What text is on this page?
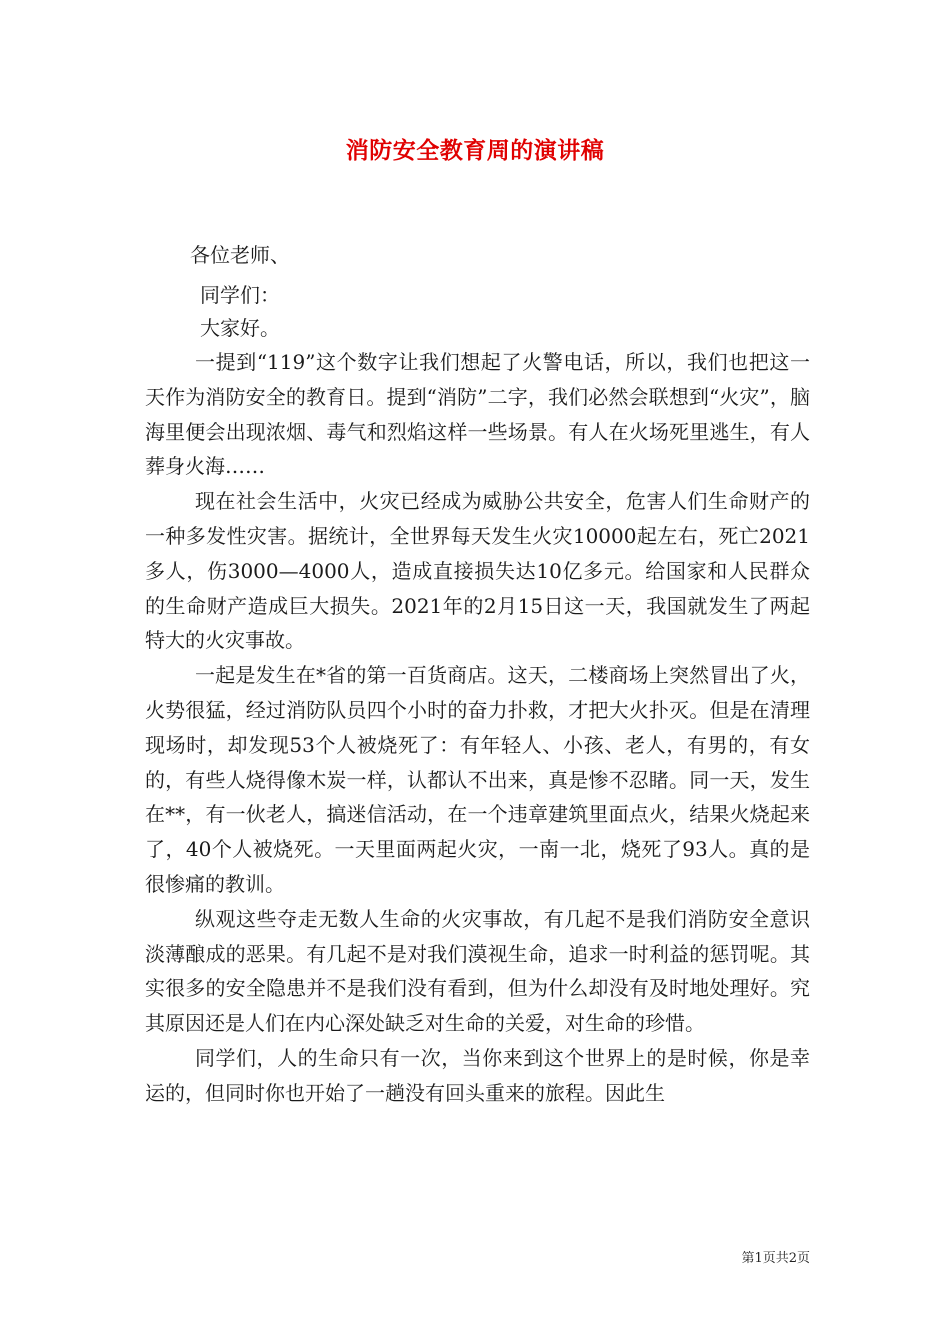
消防安全教育周的演讲稿
各位老师、
同学们：
大家好。

一提到“119”这个数字让我们想起了火警电话，所以，我们也把这一天作为消防安全的教育日。提到“消防”二字，我们必然会联想到“火灾”，脑海里便会出现浓烟、毒气和烈焰这样一些场景。有人在火场死里逃生，有人葬身火海……

现在社会生活中，火灾已经成为威胁公共安全，危害人们生命财产的一种多发性灾害。据统计，全世界每天发生火灾10000起左右，死亡2021多人，伤3000—4000人，造成直接损失达10亿多元。给国家和人民群众的生命财产造成巨大损失。2021年的2月15日这一天，我国就发生了两起特大的火灾事故。

一起是发生在*省的第一百货商店。这天，二楼商场上突然冒出了火，火势很猛，经过消防队员四个小时的奋力扑救，才把大火扑灭。但是在清理现场时，却发现53个人被烧死了：有年轻人、小孩、老人，有男的，有女的，有些人烧得像木炭一样，认都认不出来，真是惨不忍睹。同一天，发生在**，有一伙老人，搞迷信活动，在一个违章建筑里面点火，结果火烧起来了，40个人被烧死。一天里面两起火灾，一南一北，烧死了93人。真的是很惨痛的教训。

纵观这些夺走无数人生命的火灾事故，有几起不是我们消防安全意识淡薄酿成的恶果。有几起不是对我们漠视生命，追求一时利益的惩罚呢。其实很多的安全隐患并不是我们没有看到，但为什么却没有及时地处理好。究其原因还是人们在内心深处缺乏对生命的关爱，对生命的珍惜。

同学们，人的生命只有一次，当你来到这个世界上的是时候，你是幸运的，但同时你也开始了一趟没有回头重来的旅程。因此生

第1页共2页
